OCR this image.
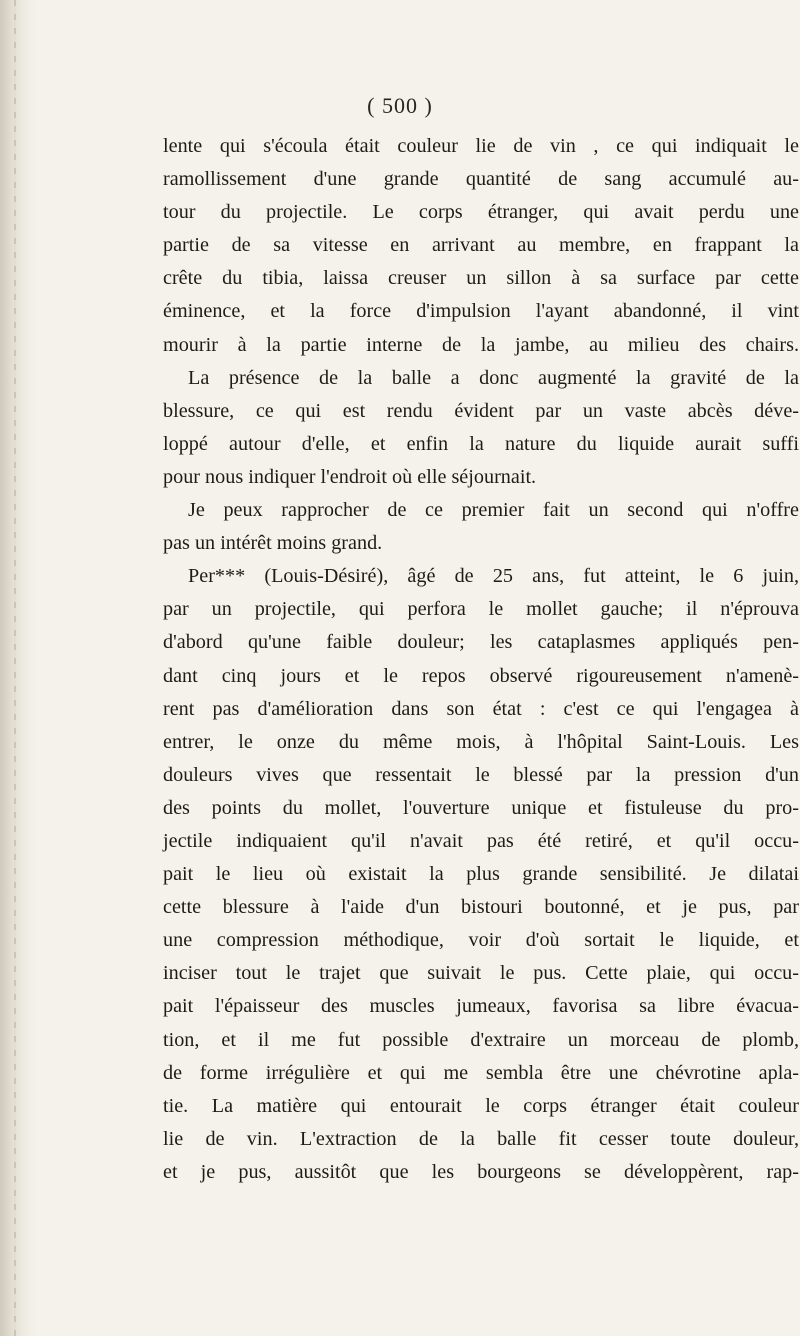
( 500 )
lente qui s'écoula était couleur lie de vin , ce qui indiquait le
ramollissement d'une grande quantité de sang accumulé au-
tour du projectile. Le corps étranger, qui avait perdu une
partie de sa vitesse en arrivant au membre, en frappant la
crête du tibia, laissa creuser un sillon à sa surface par cette
éminence, et la force d'impulsion l'ayant abandonné, il vint
mourir à la partie interne de la jambe, au milieu des chairs.
La présence de la balle a donc augmenté la gravité de la
blessure, ce qui est rendu évident par un vaste abcès déve-
loppé autour d'elle, et enfin la nature du liquide aurait suffi
pour nous indiquer l'endroit où elle séjournait.
Je peux rapprocher de ce premier fait un second qui n'offre
pas un intérêt moins grand.
Per*** (Louis-Désiré), âgé de 25 ans, fut atteint, le 6 juin,
par un projectile, qui perfora le mollet gauche; il n'éprouva
d'abord qu'une faible douleur; les cataplasmes appliqués pen-
dant cinq jours et le repos observé rigoureusement n'amenè-
rent pas d'amélioration dans son état : c'est ce qui l'engagea à
entrer, le onze du même mois, à l'hôpital Saint-Louis. Les
douleurs vives que ressentait le blessé par la pression d'un
des points du mollet, l'ouverture unique et fistuleuse du pro-
jectile indiquaient qu'il n'avait pas été retiré, et qu'il occu-
pait le lieu où existait la plus grande sensibilité. Je dilatai
cette blessure à l'aide d'un bistouri boutonné, et je pus, par
une compression méthodique, voir d'où sortait le liquide, et
inciser tout le trajet que suivait le pus. Cette plaie, qui occu-
pait l'épaisseur des muscles jumeaux, favorisa sa libre évacua-
tion, et il me fut possible d'extraire un morceau de plomb,
de forme irrégulière et qui me sembla être une chévrotine apla-
tie. La matière qui entourait le corps étranger était couleur
lie de vin. L'extraction de la balle fit cesser toute douleur,
et je pus, aussitôt que les bourgeons se développèrent, rap-
